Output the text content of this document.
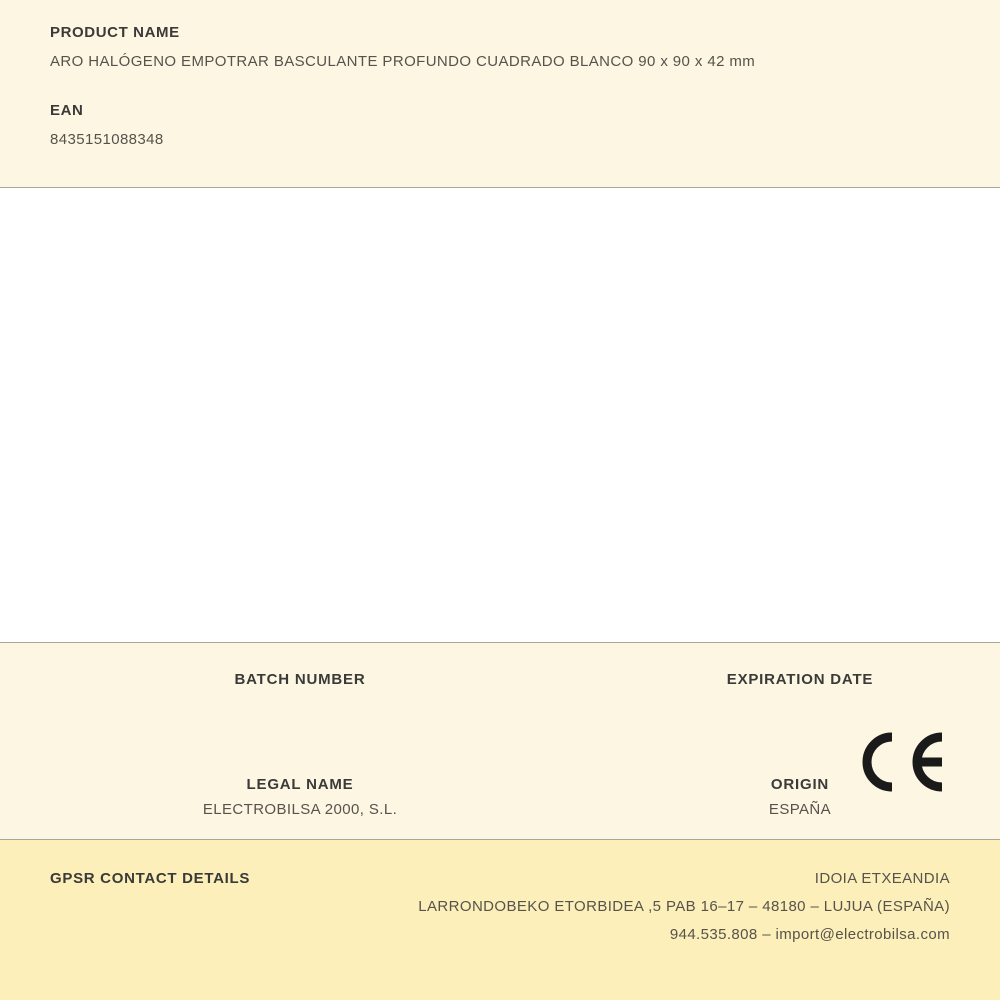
PRODUCT NAME

ARO HALÓGENO EMPOTRAR BASCULANTE PROFUNDO CUADRADO BLANCO 90 x 90 x 42 mm

EAN

8435151088348

BATCH NUMBER	EXPIRATION DATE

LEGAL NAME

ELECTROBILSA 2000, S.L.

ORIGIN

ESPAÑA

GPSR CONTACT DETAILS	IDOIA ETXEANDIA

LARRONDOBEKO ETORBIDEA ,5 PAB 16–17 – 48180 – LUJUA (ESPAÑA)

944.535.808 – import@electrobilsa.com
